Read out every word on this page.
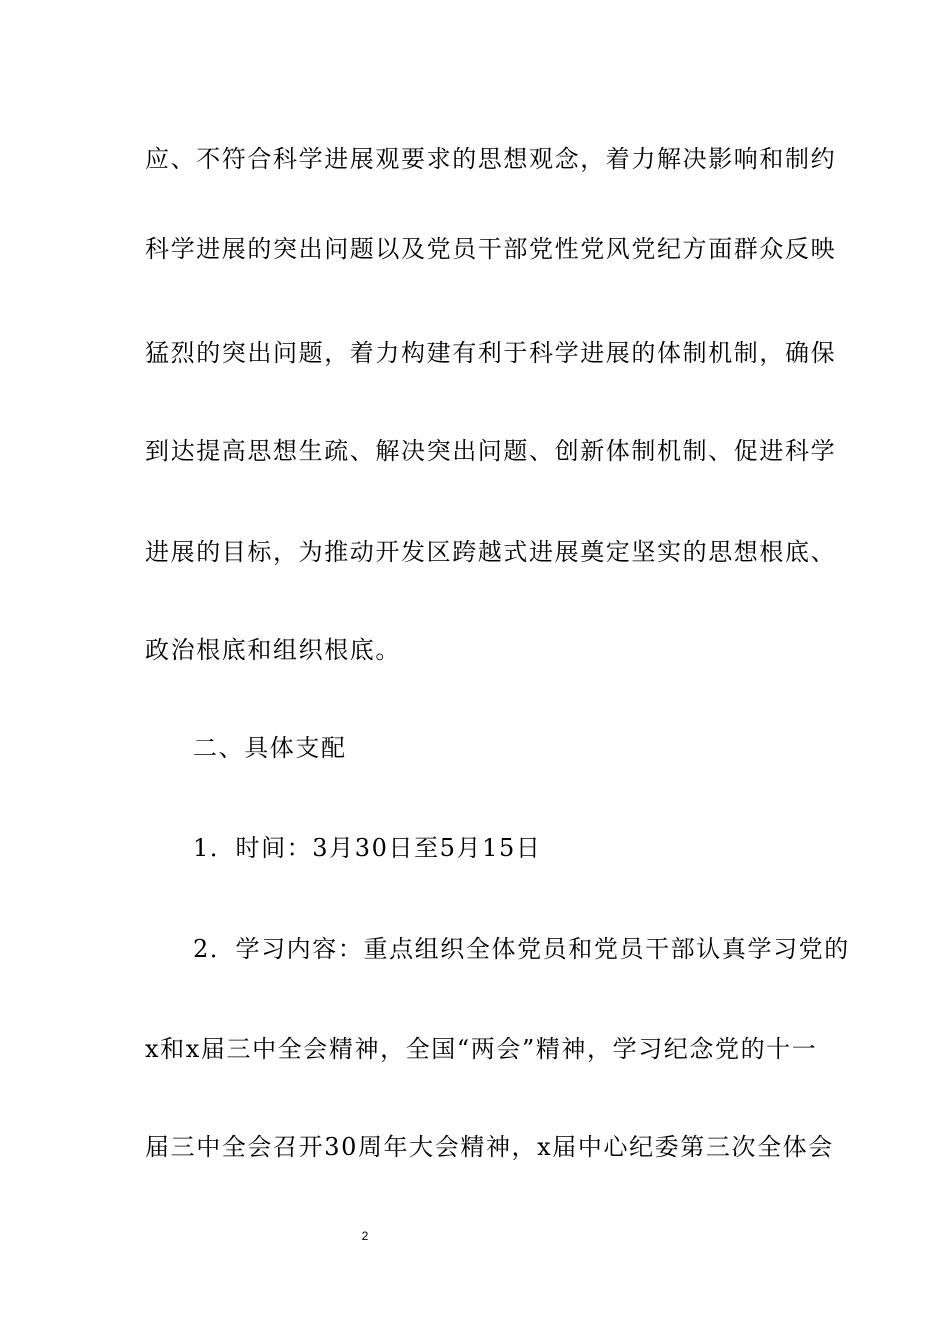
应、不符合科学进展观要求的思想观念，着力解决影响和制约
科学进展的突出问题以及党员干部党性党风党纪方面群众反映
猛烈的突出问题，着力构建有利于科学进展的体制机制，确保
到达提高思想生疏、解决突出问题、创新体制机制、促进科学
进展的目标，为推动开发区跨越式进展奠定坚实的思想根底、
政治根底和组织根底。
二、具体支配
1．时间：3月30日至5月15日
2．学习内容：重点组织全体党员和党员干部认真学习党的
x和x届三中全会精神，全国“两会”精神，学习纪念党的十一
届三中全会召开30周年大会精神，x届中心纪委第三次全体会
2
